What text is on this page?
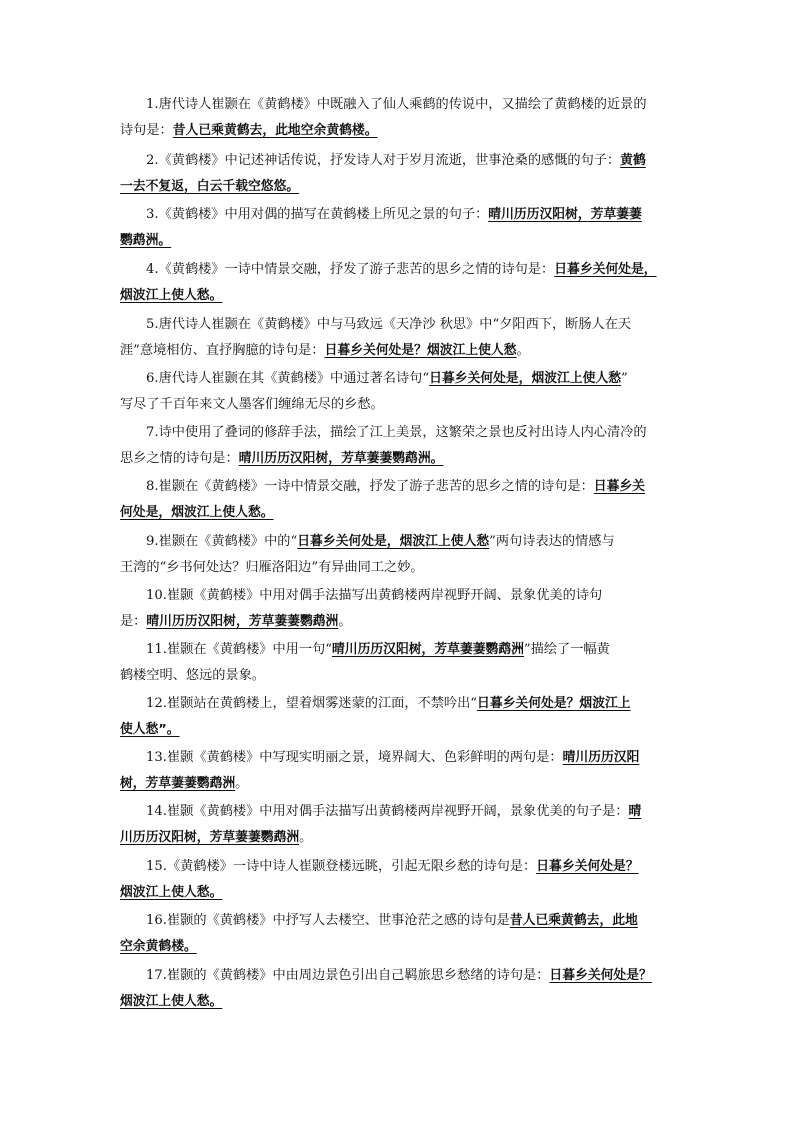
1.唐代诗人崔颢在《黄鹤楼》中既融入了仙人乘鹤的传说中，又描绘了黄鹤楼的近景的
诗句是：昔人已乘黄鹤去，此地空余黄鹤楼。

2.《黄鹤楼》中记述神话传说，抒发诗人对于岁月流逝，世事沧桑的感慨的句子：黄鹤
一去不复返，白云千载空悠悠。

3.《黄鹤楼》中用对偶的描写在黄鹤楼上所见之景的句子：晴川历历汉阳树，芳草萋萋
鹦鹉洲。

4.《黄鹤楼》一诗中情景交融，抒发了游子悲苦的思乡之情的诗句是：日暮乡关何处是，
烟波江上使人愁。

5.唐代诗人崔颢在《黄鹤楼》中与马致远《天净沙 秋思》中“夕阳西下，断肠人在天
涯”意境相仿、直抒胸臆的诗句是：日暮乡关何处是？烟波江上使人愁。

6.唐代诗人崔颢在其《黄鹤楼》中通过著名诗句“日暮乡关何处是，烟波江上使人愁”
写尽了千百年来文人墨客们缠绵无尽的乡愁。

7.诗中使用了叠词的修辞手法，描绘了江上美景，这繁荣之景也反衬出诗人内心清冷的
思乡之情的诗句是：晴川历历汉阳树，芳草萋萋鹦鹉洲。

8.崔颢在《黄鹤楼》一诗中情景交融，抒发了游子悲苦的思乡之情的诗句是：日暮乡关
何处是，烟波江上使人愁。

9.崔颢在《黄鹤楼》中的“日暮乡关何处是，烟波江上使人愁”两句诗表达的情感与
王湾的“乡书何处达？归雁洛阳边”有异曲同工之妙。

10.崔颢《黄鹤楼》中用对偶手法描写出黄鹤楼两岸视野开阔、景象优美的诗句
是：晴川历历汉阳树，芳草萋萋鹦鹉洲。

11.崔颢在《黄鹤楼》中用一句“晴川历历汉阳树，芳草萋萋鹦鹉洲”描绘了一幅黄
鹤楼空明、悠远的景象。

12.崔颢站在黄鹤楼上，望着烟雾迷蒙的江面，不禁吟出“日暮乡关何处是？烟波江上
使人愁”。

13.崔颢《黄鹤楼》中写现实明丽之景，境界阔大、色彩鲜明的两句是：晴川历历汉阳
树，芳草萋萋鹦鹉洲。

14.崔颢《黄鹤楼》中用对偶手法描写出黄鹤楼两岸视野开阔，景象优美的句子是：晴
川历历汉阳树，芳草萋萋鹦鹉洲。

15.《黄鹤楼》一诗中诗人崔颢登楼远眺，引起无限乡愁的诗句是：日暮乡关何处是？
烟波江上使人愁。

16.崔颢的《黄鹤楼》中抒写人去楼空、世事沧茫之感的诗句是昔人已乘黄鹤去，此地
空余黄鹤楼。

17.崔颢的《黄鹤楼》中由周边景色引出自己羁旅思乡愁绪的诗句是：日暮乡关何处是？
烟波江上使人愁。
